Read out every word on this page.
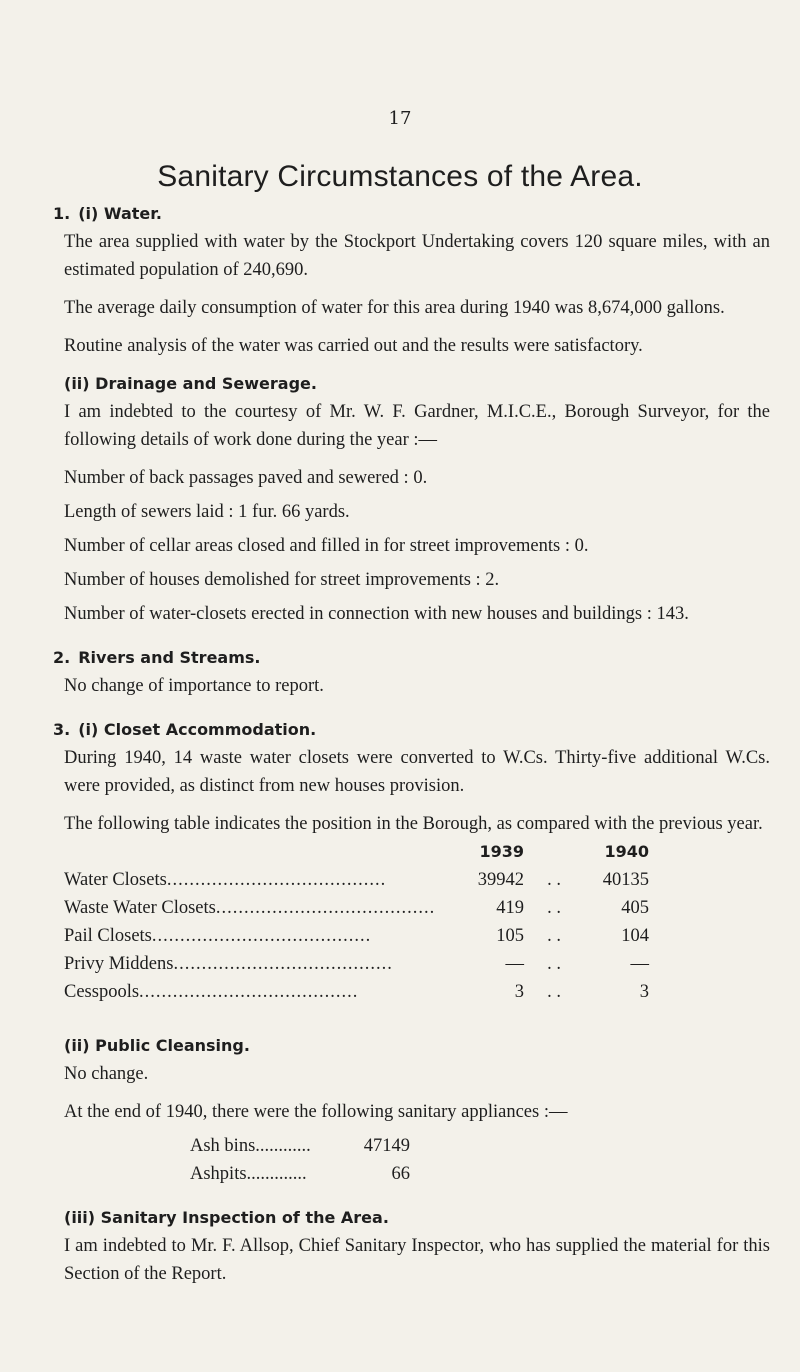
17
Sanitary Circumstances of the Area.
1. (i) Water.

The area supplied with water by the Stockport Undertaking covers 120 square miles, with an estimated population of 240,690.

The average daily consumption of water for this area during 1940 was 8,674,000 gallons.

Routine analysis of the water was carried out and the results were satisfactory.

(ii) Drainage and Sewerage.

I am indebted to the courtesy of Mr. W. F. Gardner, M.I.C.E., Borough Surveyor, for the following details of work done during the year :—

Number of back passages paved and sewered : 0.

Length of sewers laid : 1 fur. 66 yards.

Number of cellar areas closed and filled in for street improvements : 0.

Number of houses demolished for street improvements : 2.

Number of water-closets erected in connection with new houses and buildings : 143.

2. Rivers and Streams.

No change of importance to report.

3. (i) Closet Accommodation.

During 1940, 14 waste water closets were converted to W.Cs. Thirty-five additional W.Cs. were provided, as distinct from new houses provision.

The following table indicates the position in the Borough, as compared with the previous year.

	1939		1940
Water Closets.......................................	39942	. .	40135
Waste Water Closets.......................................	419	. .	405
Pail Closets.......................................	105	. .	104
Privy Middens.......................................	—	. .	—
Cesspools.......................................	3	. .	3
(ii) Public Cleansing.

No change.

At the end of 1940, there were the following sanitary appliances :—

Ash bins............	47149
Ashpits.............	66
(iii) Sanitary Inspection of the Area.

I am indebted to Mr. F. Allsop, Chief Sanitary Inspector, who has supplied the material for this Section of the Report.
